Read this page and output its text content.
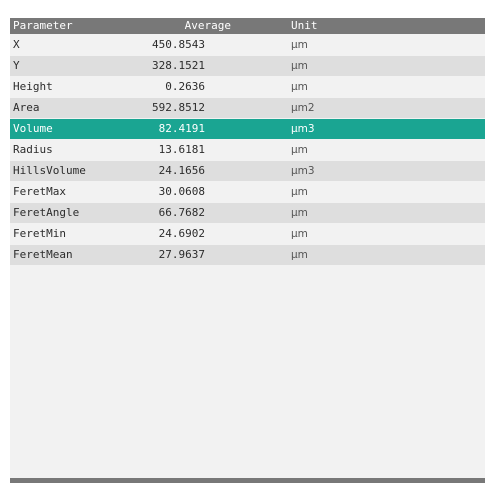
Parameter	Average	Unit
X	450.8543	µm
Y	328.1521	µm
Height	0.2636	µm
Area	592.8512	µm2
Volume	82.4191	µm3
Radius	13.6181	µm
HillsVolume	24.1656	µm3
FeretMax	30.0608	µm
FeretAngle	66.7682	µm
FeretMin	24.6902	µm
FeretMean	27.9637	µm
